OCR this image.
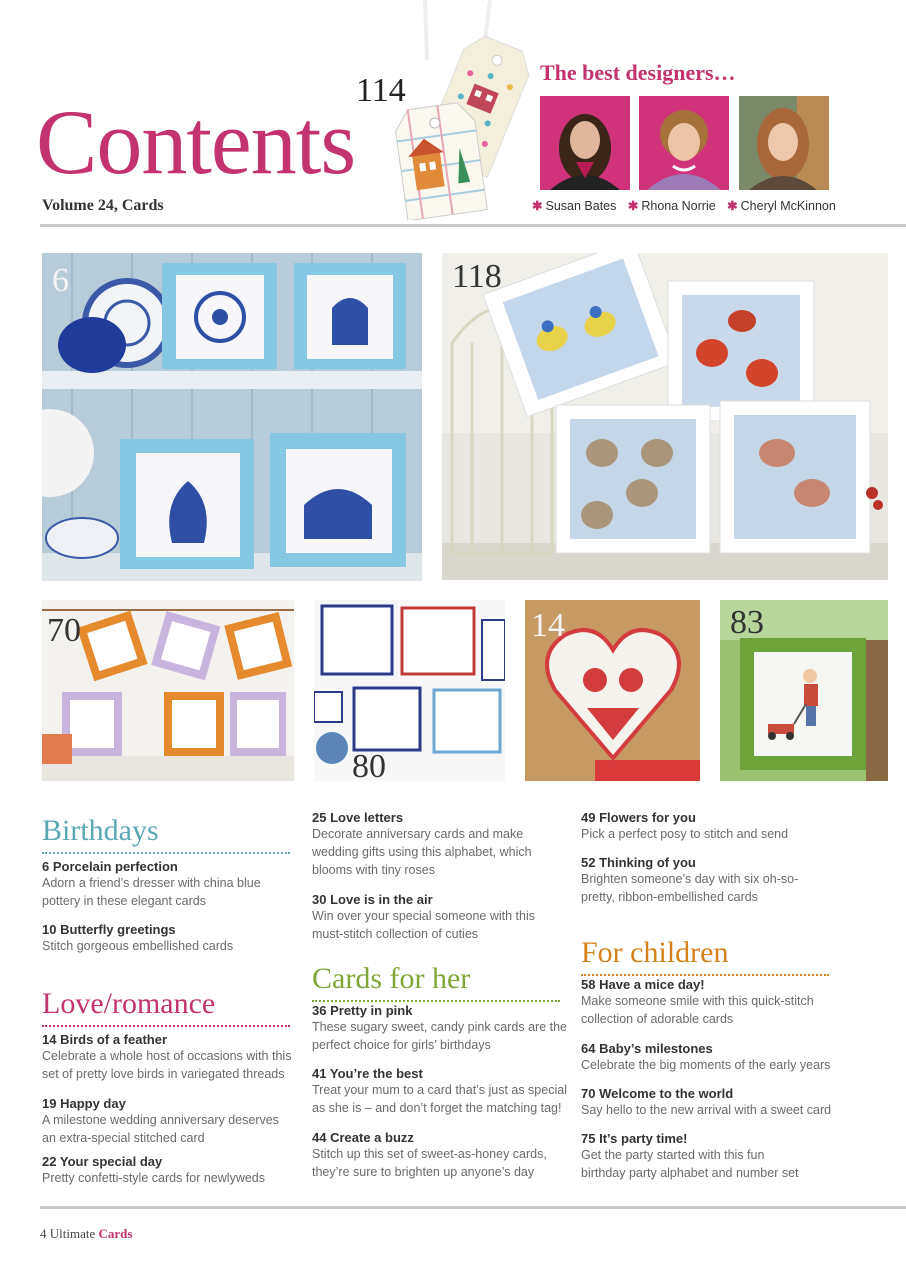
Contents
Volume 24, Cards
114	The best designers…
✱ Susan Bates ✱ Rhona Norrie ✱ Cheryl McKinnon
6	118
70
80
14	83
Birthdays
6 Porcelain perfection
Adorn a friend’s dresser with china blue
pottery in these elegant cards
10 Butterfly greetings
Stitch gorgeous embellished cards
Love/romance
14 Birds of a feather
Celebrate a whole host of occasions with this
set of pretty love birds in variegated threads
19 Happy day
A milestone wedding anniversary deserves
an extra-special stitched card
22 Your special day
Pretty confetti-style cards for newlyweds
25 Love letters
Decorate anniversary cards and make
wedding gifts using this alphabet, which
blooms with tiny roses
30 Love is in the air
Win over your special someone with this
must-stitch collection of cuties
Cards for her
36 Pretty in pink
These sugary sweet, candy pink cards are the
perfect choice for girls’ birthdays
41 You’re the best
Treat your mum to a card that’s just as special
as she is – and don’t forget the matching tag!
44 Create a buzz
Stitch up this set of sweet-as-honey cards,
they’re sure to brighten up anyone’s day
49 Flowers for you
Pick a perfect posy to stitch and send
52 Thinking of you
Brighten someone’s day with six oh-so-
pretty, ribbon-embellished cards
For children
58 Have a mice day!
Make someone smile with this quick-stitch
collection of adorable cards
64 Baby’s milestones
Celebrate the big moments of the early years
70 Welcome to the world
Say hello to the new arrival with a sweet card
75 It’s party time!
Get the party started with this fun
birthday party alphabet and number set
4 Ultimate Cards
